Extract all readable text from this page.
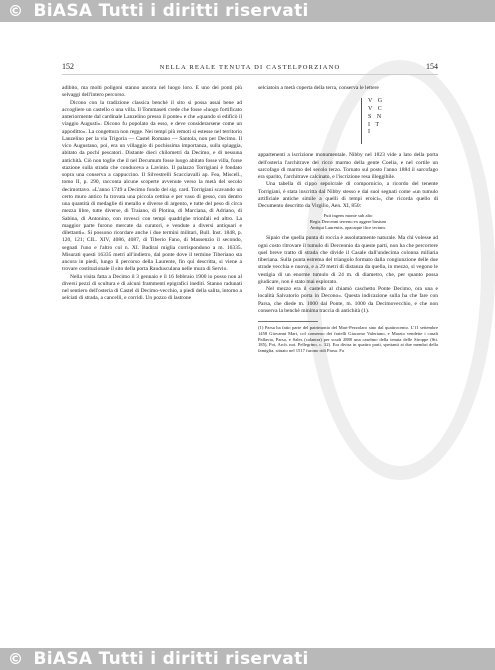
© BiASA Tutti i diritti riservati
152	NELLA REALE TENUTA DI CASTELPORZIANO	154

adibito, ma molti poligoni stanno ancora nel luogo loro. E uno dei ponti più selvaggi dell'intero percorso.

Dicono con la tradizione classica benchè il sito si possa assai bene ad accogliere un castello o una villa. Il Tommaseti crede che fosse «luogo fortificato anteriormente dal cardinale Lanzelino presso il ponte» e che «quando si edificò il viaggio Augusti». Dicono fu popolato da esso, e deve considerarsene come un appoditto». La congettura non regge. Nei tempi più remoti si estesse nel territorio Lanzelino per la via Trigoria — Castel Romano — Santola, non per Decimo. Il vico Augustano, poi, era un villaggio di pochissima importanza, sulla spiaggia, abitato da pochi pescatori. Distante dieci chilometri da Decimo, e di nessuna antichità. Ciò non toglie che il nel Decumum fosse luogo abitato fosse villa, forse stazione sulla strada che conduceva a Lavinio. Il palazzo Torrigiani è fondato sopra una conserva a cappuccino. Il Silvestrelli Scacciavalli ap. Fea, Miscell., tomo II, p. 290, racconta alcune scoperte avvenute verso la metà del secolo decimottavo. «L'anno 1749 a Decimo fondo del sig. card. Torrigiani scavando un certo muro antico fu trovata una piccola cettina e per vaso di gesso, con dentro una quantità di medaglie di metallo e diverse di argento, e tutte del peso di circa mezza libre, tutte diverse, di Traiano, di Plotina, di Marciana, di Adriano, di Sabina, di Antonino, con rovesci con tempi quadrighe trionfali ed altro. La maggior parte furono mercate da curatori, e vendute a diversi antiquari e dilettanti». Si possono ricordare anche i due termini militari, Bull. Inst. 1848, p. 120, 121; CIL. XIV, 4086, 4087, di Tiberio Fano, di Massenzio il secondo, segnati l'uno e l'altro col n. XI. Badirai miglia corrispondono a m. 16335. Misurati questi 16335 metri all'indietro, dal ponte dove il termine Tiberiano sta ancora in piedi, lungo il percorso della Laurente, fin qui descritta, si viene a trovare costituzionale il sito della porta Raudusculana nelle mura di Servio.

Nella visita fatta a Decimo il 3 gennaio e il 16 febbraio 1900 io posso non al diversi pezzi di scultura e di alcuni frammenti epigrafici inediti. Stanno radunati nel sentiero dell'osteria di Castel di Decimo-vecchio, a piedi della salita, intorno a selciati di strada, a cancelli, e corridi. Un pozzo di lastrone

selciatoin a metà coperta della terra, conserva le lettere

V G
V C
S N
I T
I

appartenenti a iscrizione monumentale. Nibby nel 1823 vide a lato della porta dell'osteria l'architrave del ricco marmo della gente Coelia, e nel cortile un sarcofago di marmo del secolo terzo. Tornato sul posto l'anno 1884 il sarcofago era sparito, l'architrave calcinato, e l'iscrizione resa illeggibile.

Una tabella di cippo sepolcrale di compornicio, a ricordo del tenente Torrigiani, è stata inscritta dal Nibby stesso e dai suoi segnati come «un tumulo artificiale antiche simile a quelli di tempi eroici», che ricorda quello di Decumento descritto da Virgilio, Aen. XI, 850:

Fuit ingens monte sub alto
Regis Dercenni terreno ex aggere bustum
Antiqui Laurentis, opacaque ilice tectum.

Sipaio che quella punta di roccia è assolutamente naturale. Ma chi volesse ad ogni costo ritrovare il tumulo di Dercennio da queste parti, non ha che percorrere quel breve tratto di strada che divide il Casale dall'undecima colonna miliaria tiberiana. Sulla punta estrema del triangolo formato dalla congiunzione delle due strade vecchia e nuova, e a 29 metri di distanza da quella, in mezzo, si vegono le vestigia di un enorme tumulo di 24 m. di diametro, che, per quanto possa giudicare, non è stato mai esplorato.

Nel mezzo era il castello al chiamò caschetto Ponte Decimo, ora una e località Salvatorio porta in Decono». Questa indicazione sulla ha che fare con Parsa, che diede m. 1000 dal Ponte, m. 1000 da Decimovecchio, e che non conserva la benchè minima traccia di antichità (1).

(1) Parsa ha fatto parte del patrimonio del Mari-Pezzolaro sino dal quattrocento. L'11 settembre 1458 Giovanni Mari, col consenso dei fratelli Giacomo Valeriano, e Marzio vendette i casali Pallavia, Parsa, e Sales (calantra) per scudi 2880 una caselmo della tenuta delle Stroppe (Stt. 185), Poi, Arch. not. Pellegrino, c. 32). Era divisa in quattro parti, spettanti ai due membri della famiglia, situato nel 1517 furono ridi Parsa. Fa
© BiASA Tutti i diritti riservati
